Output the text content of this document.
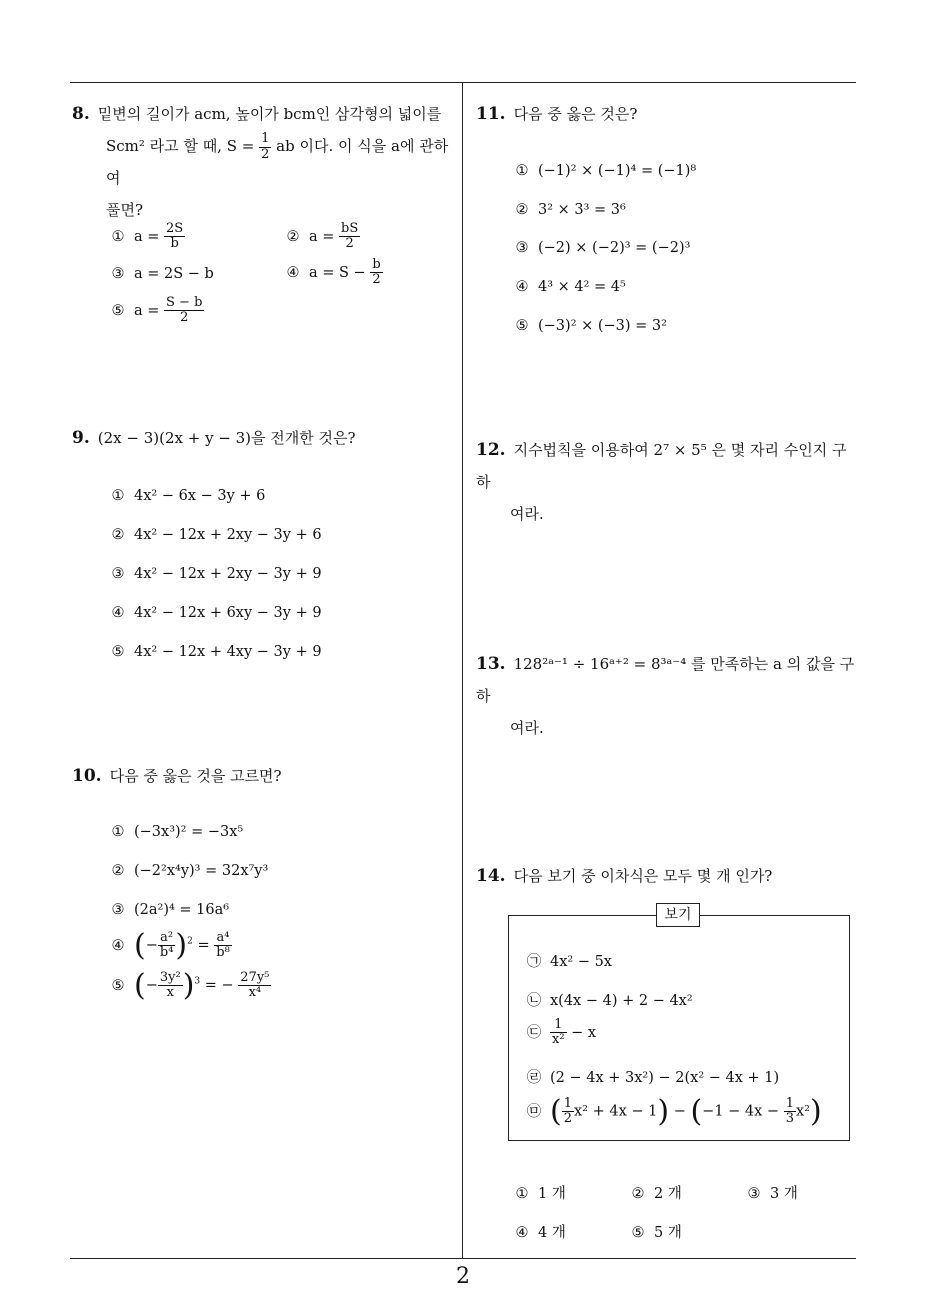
2
8. 밑변의 길이가 acm, 높이가 bcm인 삼각형의 넓이를
Scm² 라고 할 때, $S = \frac{1}{2}$ ab 이다. 이 식을 a에 관하여
풀면?
① $a = \frac{2S}{b}$	② $a = \frac{bS}{2}$
③ a = 2S − b	④ $a = S - \frac{b}{2}$
⑤ $a = \frac{S - b}{2}$
9. (2x − 3)(2x + y − 3)을 전개한 것은?
① 4x² − 6x − 3y + 6
② 4x² − 12x + 2xy − 3y + 6
③ 4x² − 12x + 2xy − 3y + 9
④ 4x² − 12x + 6xy − 3y + 9
⑤ 4x² − 12x + 4xy − 3y + 9
10. 다음 중 옳은 것을 고르면?
① (−3x³)² = −3x⁵
② (−2²x⁴y)³ = 32x⁷y³
③ (2a²)⁴ = 16a⁶
④ (− $\frac{\text{a²}}{\text{b⁴}} )^2 = \frac{\text{a⁴}}{\text{b⁸}}$
⑤ (− $\frac{\text{3y²}}{x} )^3$ = − $\frac{\text{27y⁵}}{\text{x⁴}}$
11. 다음 중 옳은 것은?
① (−1)² × (−1)⁴ = (−1)⁸
② 3² × 3³ = 3⁶
③ (−2) × (−2)³ = (−2)³
④ 4³ × 4² = 4⁵
⑤ (−3)² × (−3) = 3²
12. 지수법칙을 이용하여 2⁷ × 5⁵ 은 몇 자리 수인지 구하
여라.
13. 128²ᵃ⁻¹ ÷ 16ᵃ⁺² = 8³ᵃ⁻⁴ 를 만족하는 a 의 값을 구하
여라.
14. 다음 보기 중 이차식은 모두 몇 개 인가?
보기
㉠ 4x² − 5x
㉡ x(4x − 4) + 2 − 4x²
㉢ $\frac{1}{\text{x²}} - x$
㉣ (2 − 4x + 3x²) − 2(x² − 4x + 1)
㉤ ( $\frac{1}{2} x^2 + 4x - 1) - (-1 - 4x - \frac{1}{3} x^2)$
① 1 개	② 2 개	③ 3 개
④ 4 개	⑤ 5 개
